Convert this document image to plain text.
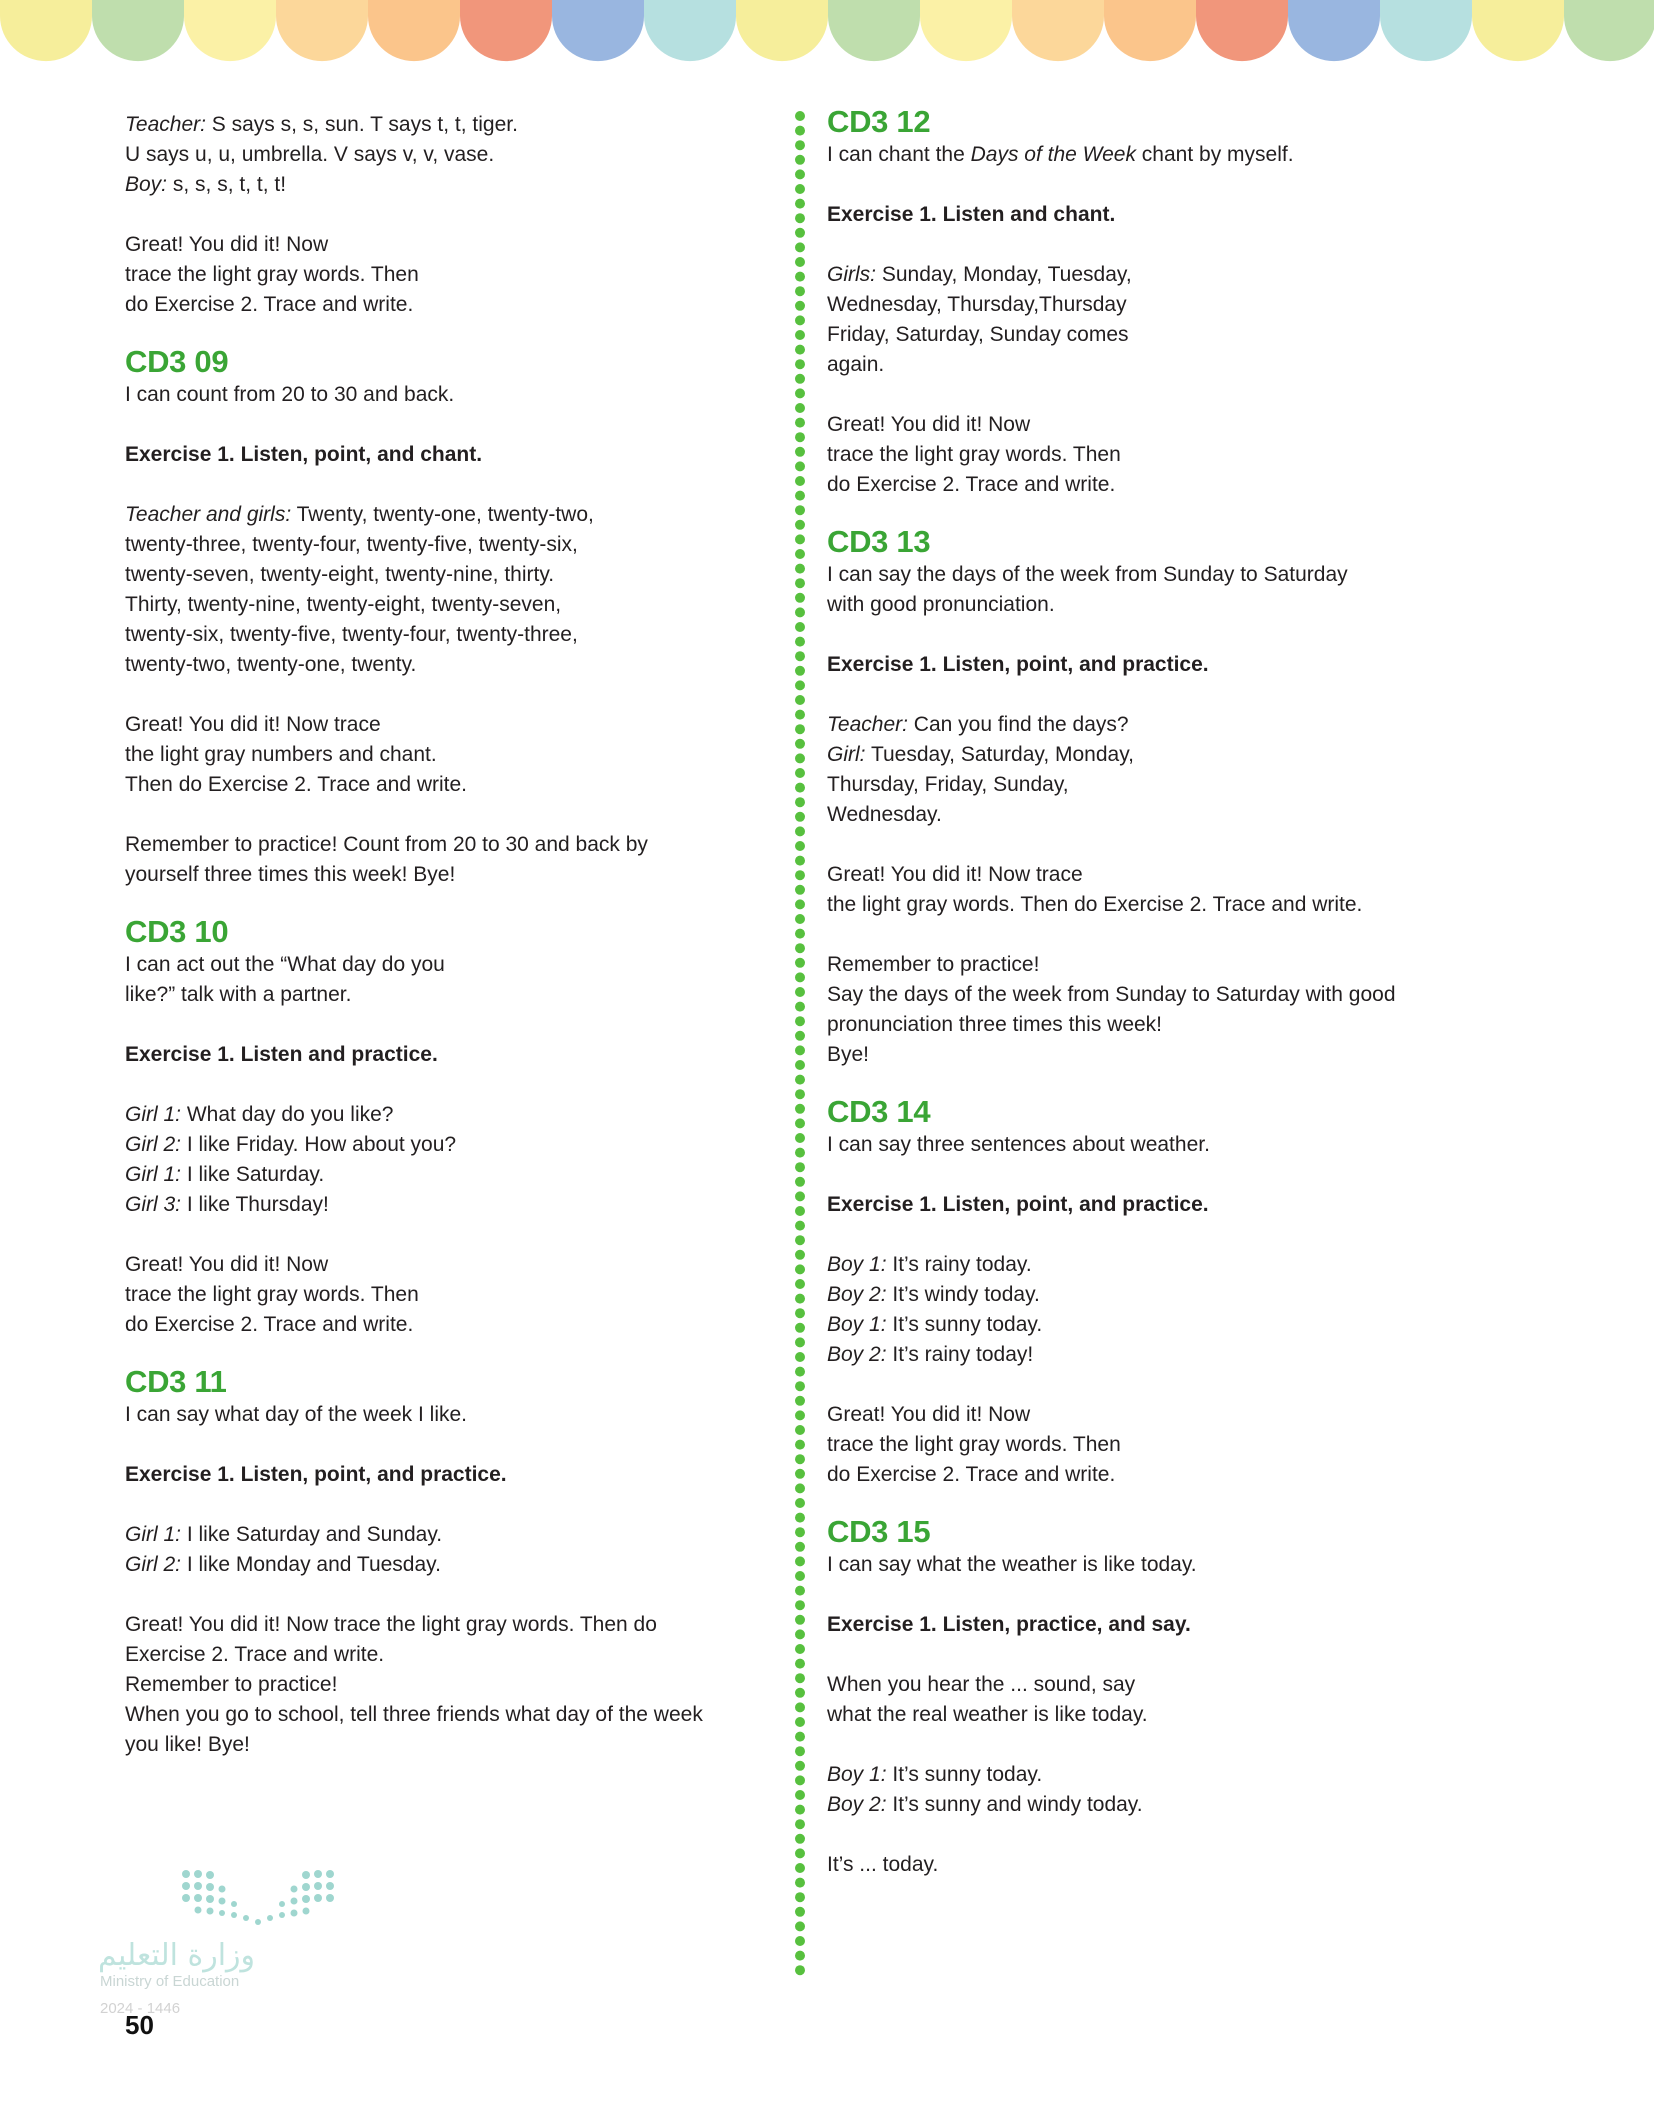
Teacher: S says s, s, sun. T says t, t, tiger.
U says u, u, umbrella. V says v, v, vase.
Boy: s, s, s, t, t, t!

Great! You did it! Now
trace the light gray words. Then
do Exercise 2. Trace and write.

CD3 09

I can count from 20 to 30 and back.

Exercise 1. Listen, point, and chant.

Teacher and girls: Twenty, twenty-one, twenty-two,
twenty-three, twenty-four, twenty-five, twenty-six,
twenty-seven, twenty-eight, twenty-nine, thirty.
Thirty, twenty-nine, twenty-eight, twenty-seven,
twenty-six, twenty-five, twenty-four, twenty-three,
twenty-two, twenty-one, twenty.

Great! You did it! Now trace
the light gray numbers and chant.
Then do Exercise 2. Trace and write.

Remember to practice! Count from 20 to 30 and back by
yourself three times this week! Bye!

CD3 10

I can act out the “What day do you
like?” talk with a partner.

Exercise 1. Listen and practice.

Girl 1: What day do you like?
Girl 2: I like Friday. How about you?
Girl 1: I like Saturday.
Girl 3: I like Thursday!

Great! You did it! Now
trace the light gray words. Then
do Exercise 2. Trace and write.

CD3 11

I can say what day of the week I like.

Exercise 1. Listen, point, and practice.

Girl 1: I like Saturday and Sunday.
Girl 2: I like Monday and Tuesday.

Great! You did it! Now trace the light gray words. Then do
Exercise 2. Trace and write.

Remember to practice!
When you go to school, tell three friends what day of the week
you like! Bye!

CD3 12

I can chant the Days of the Week chant by myself.

Exercise 1. Listen and chant.

Girls: Sunday, Monday, Tuesday,
Wednesday, Thursday,Thursday
Friday, Saturday, Sunday comes
again.

Great! You did it! Now
trace the light gray words. Then
do Exercise 2. Trace and write.

CD3 13

I can say the days of the week from Sunday to Saturday
with good pronunciation.

Exercise 1. Listen, point, and practice.

Teacher: Can you find the days?
Girl: Tuesday, Saturday, Monday,
Thursday, Friday, Sunday,
Wednesday.

Great! You did it! Now trace
the light gray words. Then do Exercise 2. Trace and write.

Remember to practice!
Say the days of the week from Sunday to Saturday with good
pronunciation three times this week!
Bye!

CD3 14

I can say three sentences about weather.

Exercise 1. Listen, point, and practice.

Boy 1: It’s rainy today.
Boy 2: It’s windy today.
Boy 1: It’s sunny today.
Boy 2: It’s rainy today!

Great! You did it! Now
trace the light gray words. Then
do Exercise 2. Trace and write.

CD3 15

I can say what the weather is like today.

Exercise 1. Listen, practice, and say.

When you hear the ... sound, say
what the real weather is like today.

Boy 1: It’s sunny today.
Boy 2: It’s sunny and windy today.

It’s ... today.

وزارة التعليم
Ministry of Education
2024 - 1446
50
